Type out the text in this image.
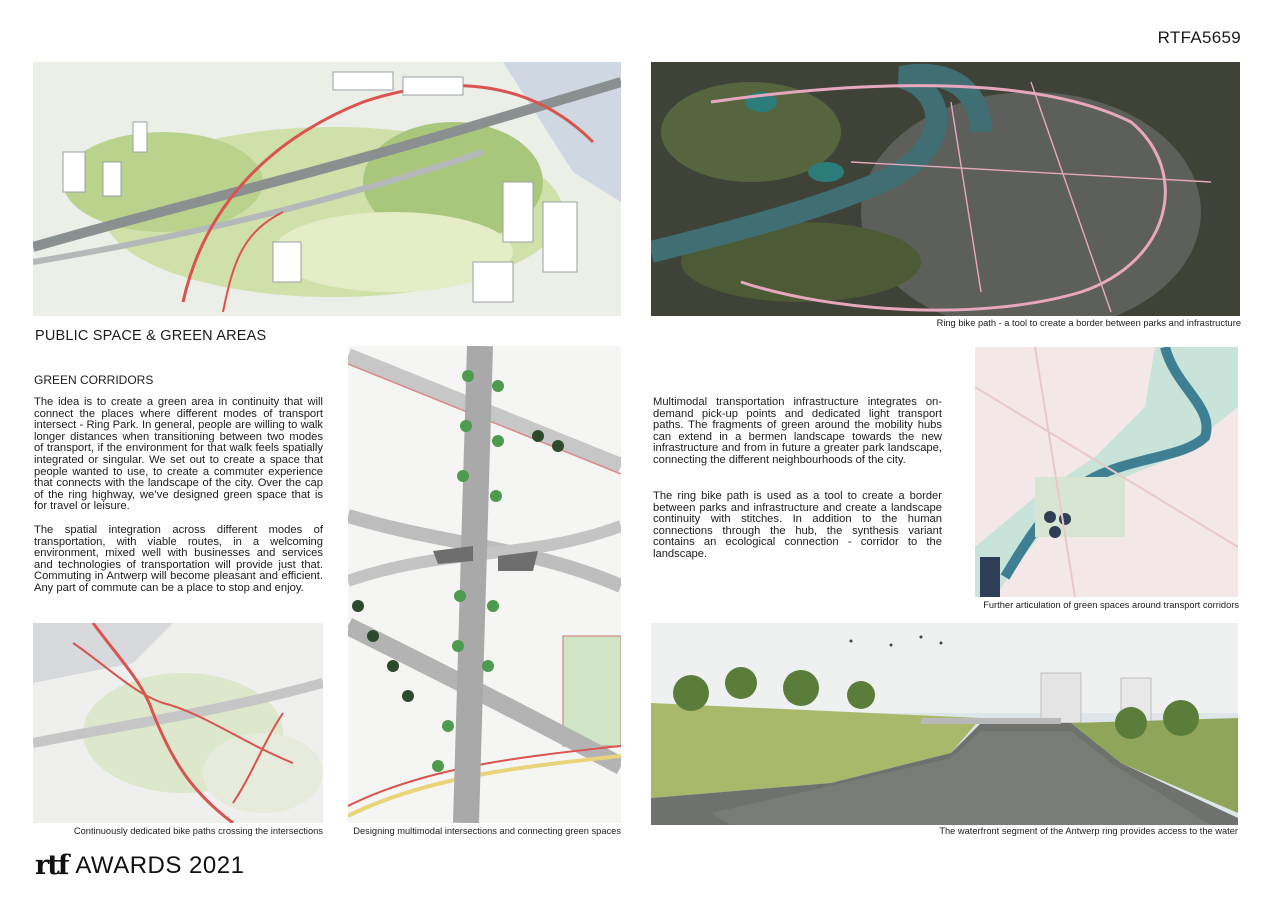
RTFA5659
Ring bike path - a tool to create a border between parks and infrastructure
PUBLIC SPACE & GREEN AREAS
GREEN CORRIDORS

The idea is to create a green area in continuity that will connect the places where different modes of transport intersect - Ring Park. In general, people are willing to walk longer distances when transitioning between two modes of transport, if the environment for that walk feels spatially integrated or singular. We set out to create a space that people wanted to use, to create a commuter experience that connects with the landscape of the city. Over the cap of the ring highway, we’ve designed green space that is for travel or leisure.

The spatial integration across different modes of transportation, with viable routes, in a welcoming environment, mixed well with businesses and services and technologies of transportation will provide just that. Commuting in Antwerp will become pleasant and efficient. Any part of commute can be a place to stop and enjoy.

Designing multimodal intersections and connecting green spaces

Multimodal transportation infrastructure integrates on-demand pick-up points and dedicated light transport paths. The fragments of green around the mobility hubs can extend in a bermen landscape towards the new infrastructure and from in future a greater park landscape, connecting the different neighbourhoods of the city.

The ring bike path is used as a tool to create a border between parks and infrastructure and create a landscape continuity with stitches. In addition to the human connections through the hub, the synthesis variant contains an ecological connection - corridor to the landscape.

Further articulation of green spaces around transport corridors
Continuously dedicated bike paths crossing the intersections	The waterfront segment of the Antwerp ring provides access to the water
rtf AWARDS 2021
